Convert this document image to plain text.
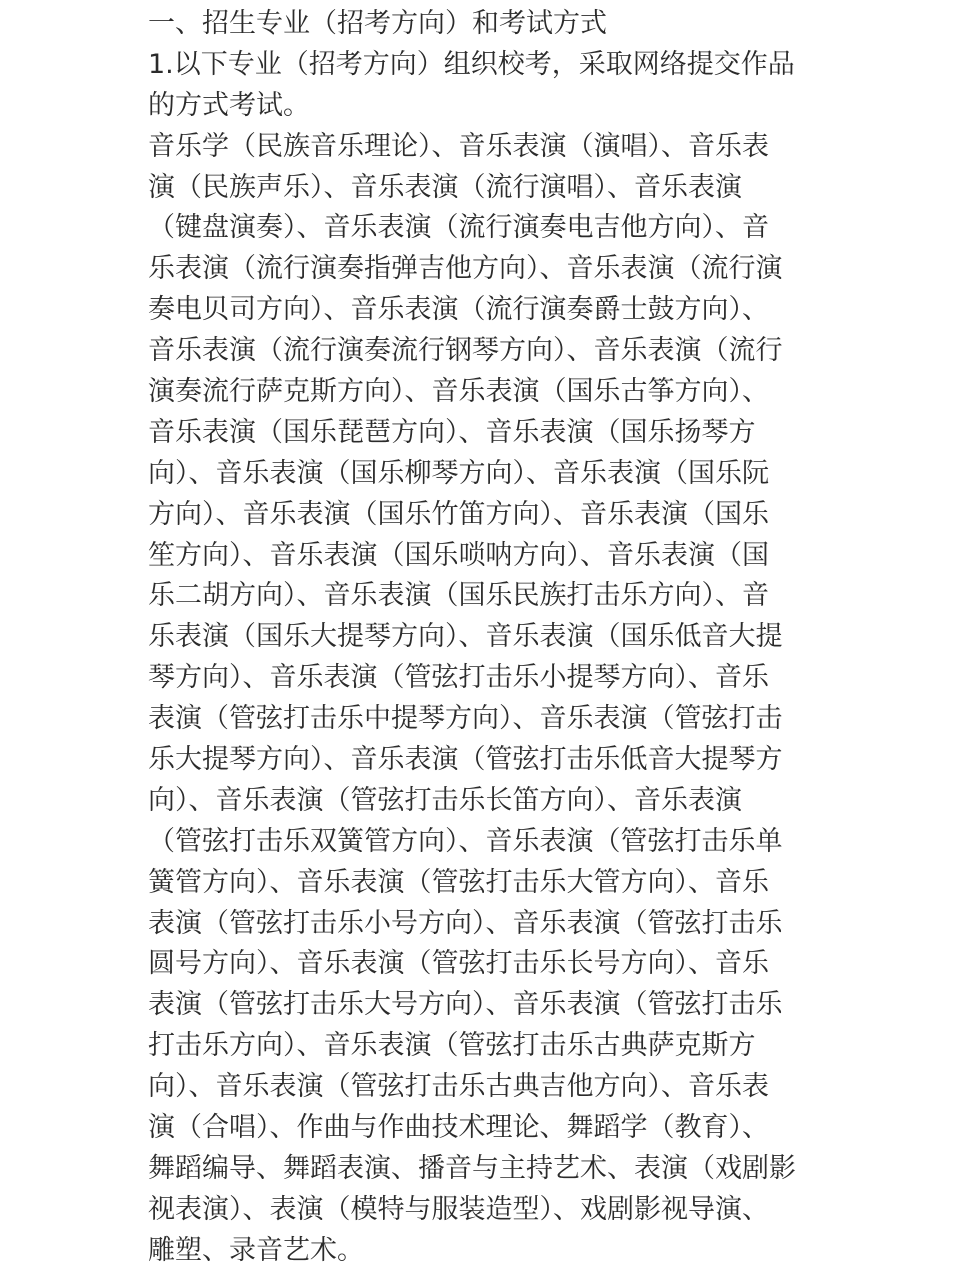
一、招生专业（招考方向）和考试方式
1.以下专业（招考方向）组织校考，采取网络提交作品
的方式考试。
音乐学（民族音乐理论）、音乐表演（演唱）、音乐表
演（民族声乐）、音乐表演（流行演唱）、音乐表演
（键盘演奏）、音乐表演（流行演奏电吉他方向）、音
乐表演（流行演奏指弹吉他方向）、音乐表演（流行演
奏电贝司方向）、音乐表演（流行演奏爵士鼓方向）、
音乐表演（流行演奏流行钢琴方向）、音乐表演（流行
演奏流行萨克斯方向）、音乐表演（国乐古筝方向）、
音乐表演（国乐琵琶方向）、音乐表演（国乐扬琴方
向）、音乐表演（国乐柳琴方向）、音乐表演（国乐阮
方向）、音乐表演（国乐竹笛方向）、音乐表演（国乐
笙方向）、音乐表演（国乐唢呐方向）、音乐表演（国
乐二胡方向）、音乐表演（国乐民族打击乐方向）、音
乐表演（国乐大提琴方向）、音乐表演（国乐低音大提
琴方向）、音乐表演（管弦打击乐小提琴方向）、音乐
表演（管弦打击乐中提琴方向）、音乐表演（管弦打击
乐大提琴方向）、音乐表演（管弦打击乐低音大提琴方
向）、音乐表演（管弦打击乐长笛方向）、音乐表演
（管弦打击乐双簧管方向）、音乐表演（管弦打击乐单
簧管方向）、音乐表演（管弦打击乐大管方向）、音乐
表演（管弦打击乐小号方向）、音乐表演（管弦打击乐
圆号方向）、音乐表演（管弦打击乐长号方向）、音乐
表演（管弦打击乐大号方向）、音乐表演（管弦打击乐
打击乐方向）、音乐表演（管弦打击乐古典萨克斯方
向）、音乐表演（管弦打击乐古典吉他方向）、音乐表
演（合唱）、作曲与作曲技术理论、舞蹈学（教育）、
舞蹈编导、舞蹈表演、播音与主持艺术、表演（戏剧影
视表演）、表演（模特与服装造型）、戏剧影视导演、
雕塑、录音艺术。
